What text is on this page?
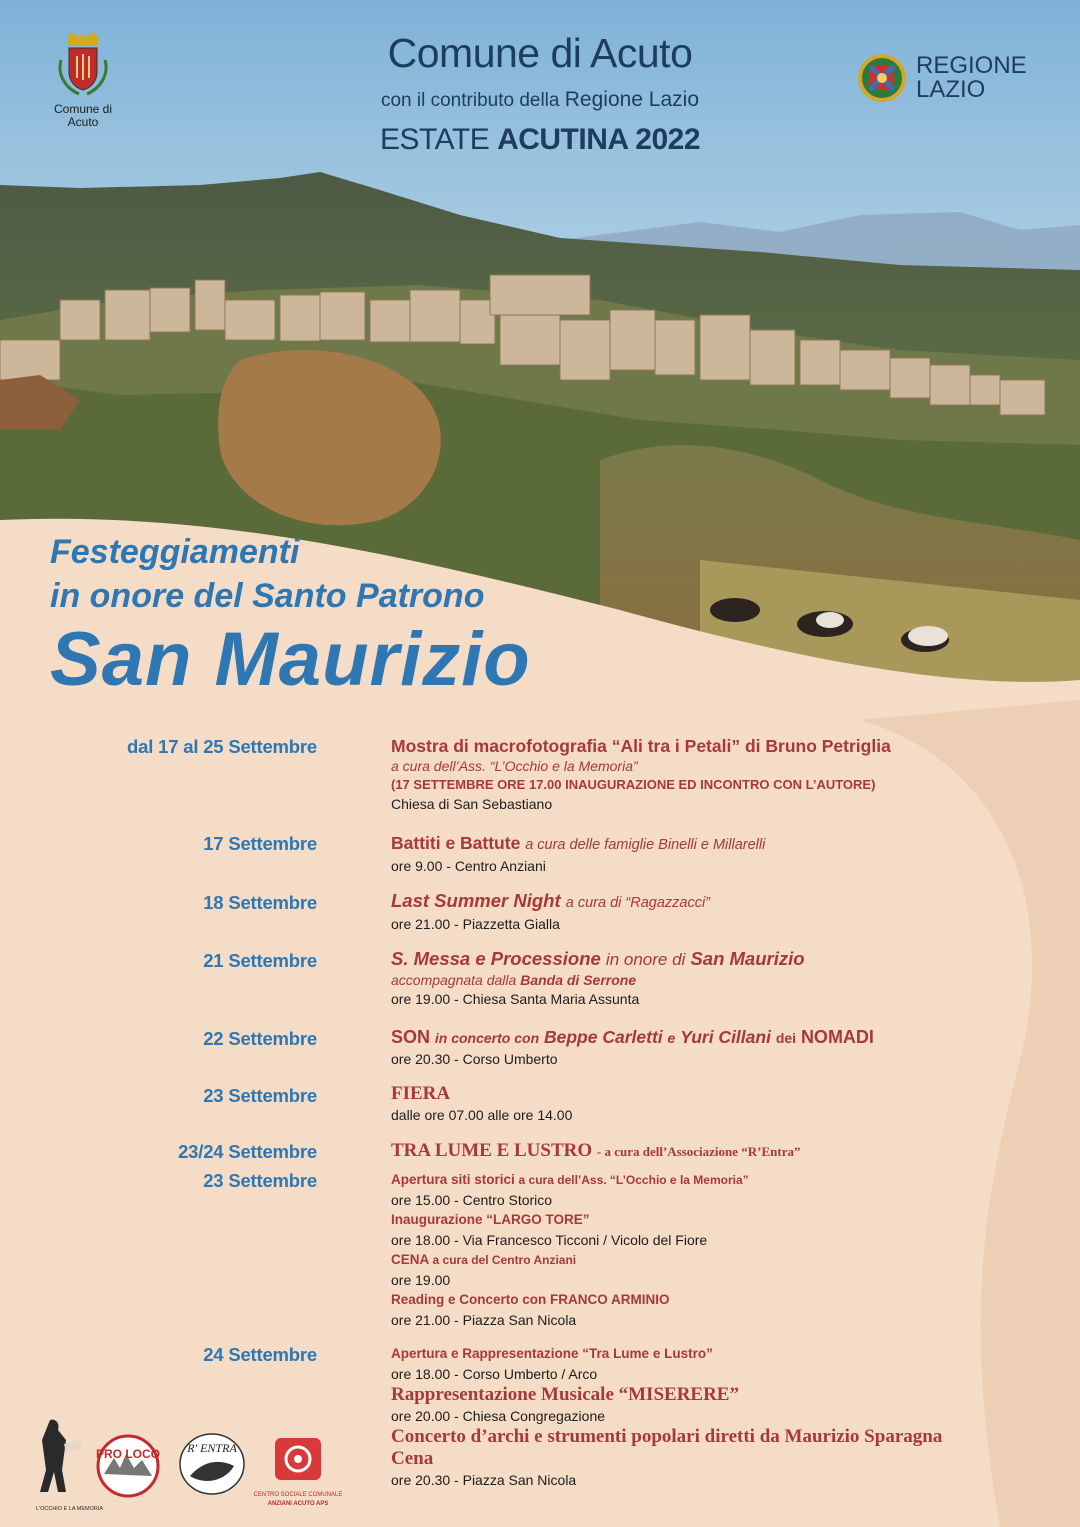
Comune di Acuto
Comune di Acuto
con il contributo della Regione Lazio
ESTATE ACUTINA 2022
REGIONE
LAZIO
Festeggiamenti
in onore del Santo Patrono
San Maurizio
dal 17 al 25 Settembre	Mostra di macrofotografia “Ali tra i Petali” di Bruno Petriglia
a cura dell’Ass. “L’Occhio e la Memoria”
(17 SETTEMBRE ORE 17.00 INAUGURAZIONE ED INCONTRO CON L’AUTORE)
Chiesa di San Sebastiano
17 Settembre	Battiti e Battute a cura delle famiglie Binelli e Millarelli
ore 9.00 - Centro Anziani
18 Settembre	Last Summer Night a cura di “Ragazzacci”
ore 21.00 - Piazzetta Gialla
21 Settembre	S. Messa e Processione in onore di San Maurizio
accompagnata dalla Banda di Serrone
ore 19.00 - Chiesa Santa Maria Assunta
22 Settembre	SON in concerto con Beppe Carletti e Yuri Cillani dei NOMADI
ore 20.30 - Corso Umberto
23 Settembre	FIERA
dalle ore 07.00 alle ore 14.00
23/24 Settembre	TRA LUME E LUSTRO - a cura dell’Associazione “R’Entra”
23 Settembre	Apertura siti storici a cura dell’Ass. “L’Occhio e la Memoria”
ore 15.00 - Centro Storico
Inaugurazione “LARGO TORE”
ore 18.00 - Via Francesco Ticconi / Vicolo del Fiore
CENA a cura del Centro Anziani
ore 19.00
Reading e Concerto con FRANCO ARMINIO
ore 21.00 - Piazza San Nicola
24 Settembre	Apertura e Rappresentazione “Tra Lume e Lustro”
ore 18.00 - Corso Umberto / Arco
Rappresentazione Musicale “MISERERE”
ore 20.00 - Chiesa Congregazione
Concerto d’archi e strumenti popolari diretti da Maurizio Sparagna
Cena
ore 20.30 - Piazza San Nicola
L'OCCHIO E LA MEMORIA
PRO LOCO R' ENTRA
CENTRO SOCIALE COMUNALE
ANZIANI ACUTO APS
